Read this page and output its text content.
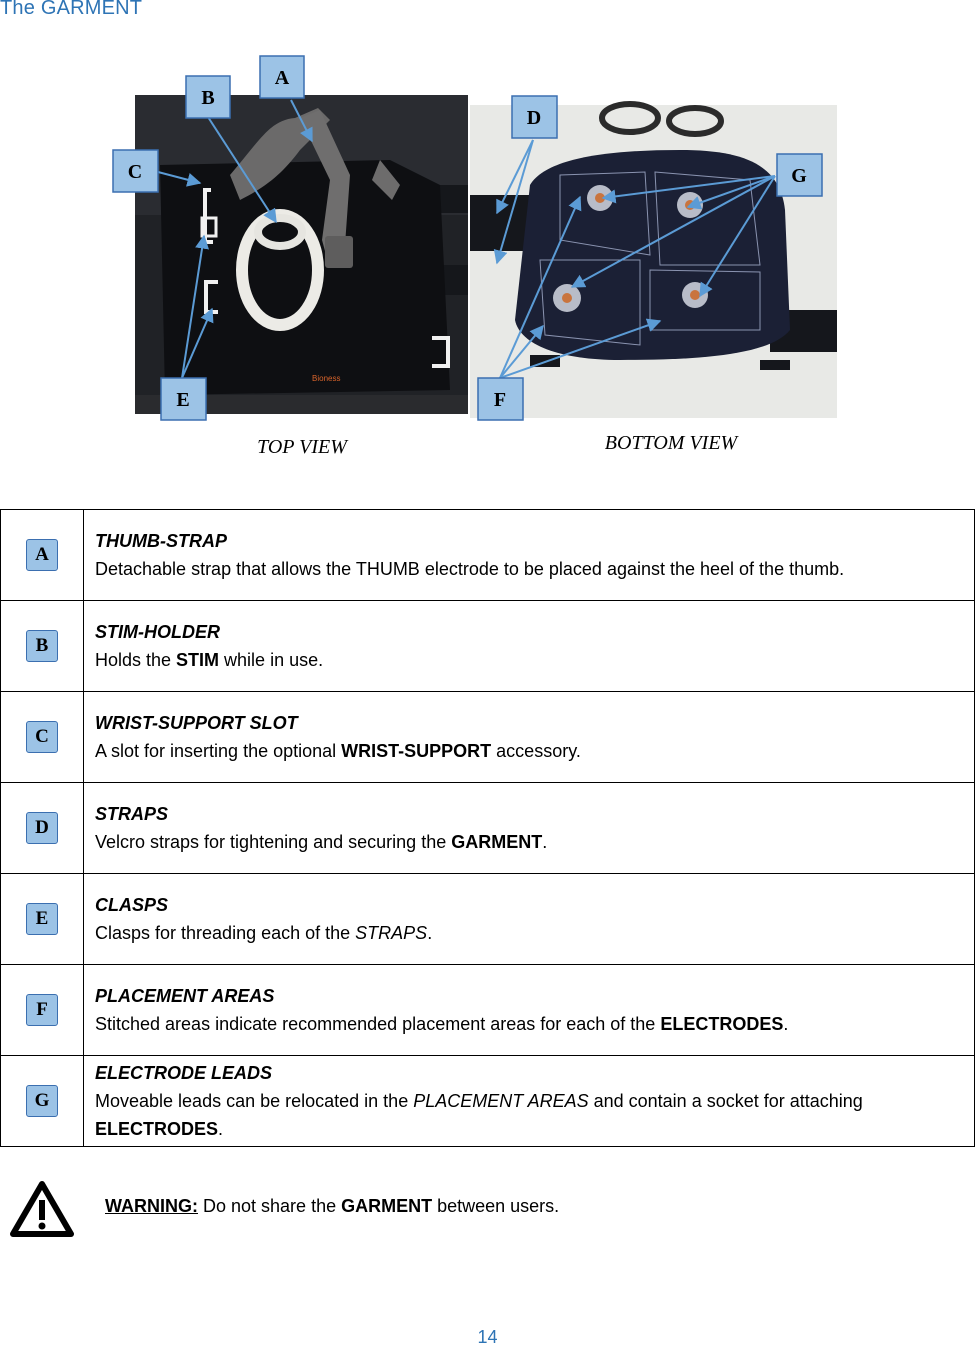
The GARMENT
Bioness
A
B
C
D
E	F
G
TOP VIEW	BOTTOM VIEW
A	THUMB-STRAP
Detachable strap that allows the THUMB electrode to be placed against the heel of the thumb.
B	STIM-HOLDER
Holds the STIM while in use.
C	WRIST-SUPPORT SLOT
A slot for inserting the optional WRIST-SUPPORT accessory.
D	STRAPS
Velcro straps for tightening and securing the GARMENT.
E	CLASPS
Clasps for threading each of the STRAPS.
F	PLACEMENT AREAS
Stitched areas indicate recommended placement areas for each of the ELECTRODES.
G	ELECTRODE LEADS
Moveable leads can be relocated in the PLACEMENT AREAS and contain a socket for attaching ELECTRODES.
WARNING: Do not share the GARMENT between users.
14
